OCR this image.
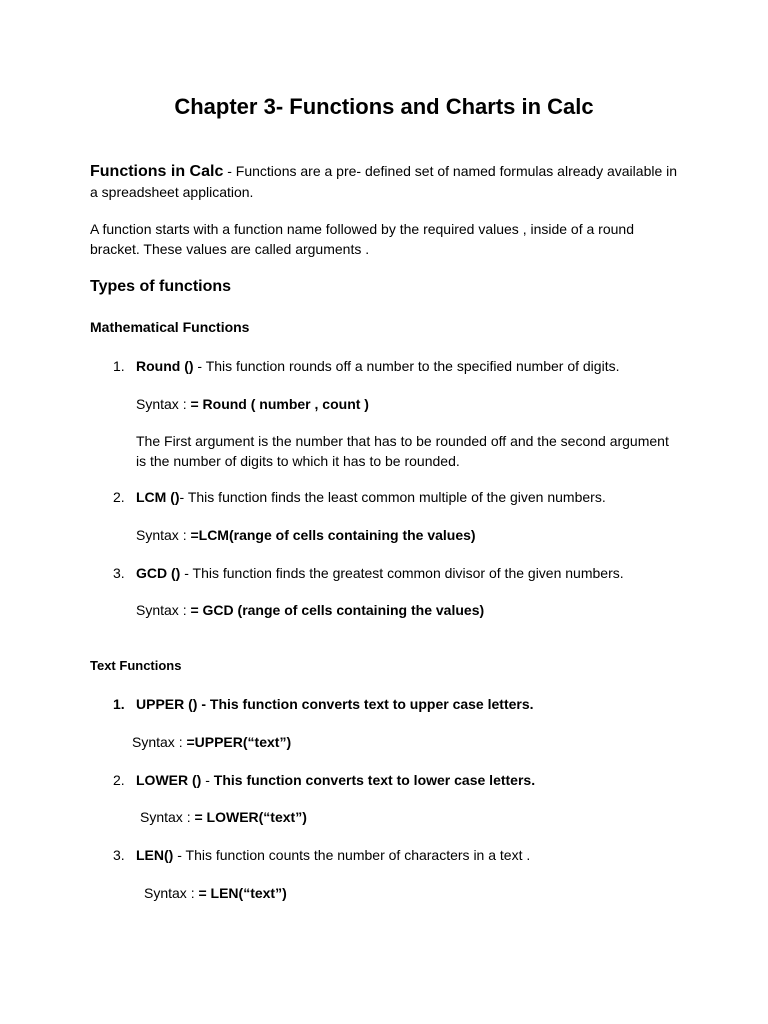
Chapter 3- Functions and Charts in Calc
Functions in Calc - Functions are a pre- defined set of named formulas already available in
a spreadsheet application.
A function starts with a function name followed by the required values , inside of a round
bracket. These values are called arguments .
Types of functions
Mathematical Functions
1. Round () - This function rounds off a number to the specified number of digits.
Syntax : = Round ( number , count )
The First argument is the number that has to be rounded off and the second argument
is the number of digits to which it has to be rounded.
2. LCM ()- This function finds the least common multiple of the given numbers.
Syntax : =LCM(range of cells containing the values)
3. GCD () - This function finds the greatest common divisor of the given numbers.
Syntax : = GCD (range of cells containing the values)
Text Functions
1. UPPER () - This function converts text to upper case letters.
Syntax : =UPPER(“text”)
2. LOWER () - This function converts text to lower case letters.
Syntax : = LOWER(“text”)
3. LEN() - This function counts the number of characters in a text .
Syntax : = LEN(“text”)
